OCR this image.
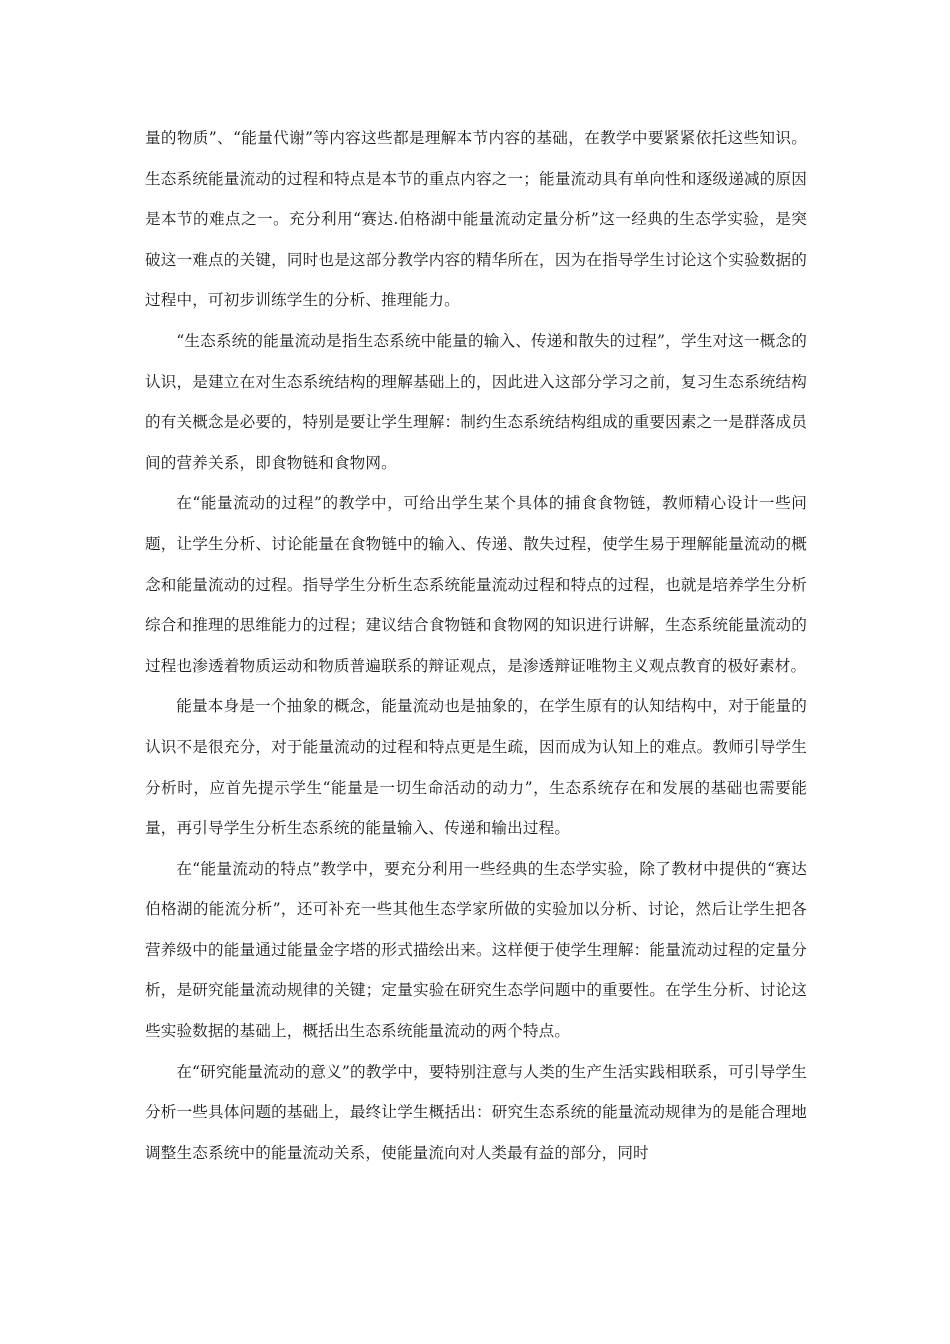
量的物质”、“能量代谢”等内容这些都是理解本节内容的基础，在教学中要紧紧依托这些知识。生态系统能量流动的过程和特点是本节的重点内容之一；能量流动具有单向性和逐级递减的原因是本节的难点之一。充分利用“赛达.伯格湖中能量流动定量分析”这一经典的生态学实验，是突破这一难点的关键，同时也是这部分教学内容的精华所在，因为在指导学生讨论这个实验数据的过程中，可初步训练学生的分析、推理能力。

“生态系统的能量流动是指生态系统中能量的输入、传递和散失的过程”，学生对这一概念的认识，是建立在对生态系统结构的理解基础上的，因此进入这部分学习之前，复习生态系统结构的有关概念是必要的，特别是要让学生理解：制约生态系统结构组成的重要因素之一是群落成员间的营养关系，即食物链和食物网。

在“能量流动的过程”的教学中，可给出学生某个具体的捕食食物链，教师精心设计一些问题，让学生分析、讨论能量在食物链中的输入、传递、散失过程，使学生易于理解能量流动的概念和能量流动的过程。指导学生分析生态系统能量流动过程和特点的过程，也就是培养学生分析综合和推理的思维能力的过程；建议结合食物链和食物网的知识进行讲解，生态系统能量流动的过程也渗透着物质运动和物质普遍联系的辩证观点，是渗透辩证唯物主义观点教育的极好素材。

能量本身是一个抽象的概念，能量流动也是抽象的，在学生原有的认知结构中，对于能量的认识不是很充分，对于能量流动的过程和特点更是生疏，因而成为认知上的难点。教师引导学生分析时，应首先提示学生“能量是一切生命活动的动力”，生态系统存在和发展的基础也需要能量，再引导学生分析生态系统的能量输入、传递和输出过程。

在“能量流动的特点”教学中，要充分利用一些经典的生态学实验，除了教材中提供的“赛达伯格湖的能流分析”，还可补充一些其他生态学家所做的实验加以分析、讨论，然后让学生把各营养级中的能量通过能量金字塔的形式描绘出来。这样便于使学生理解：能量流动过程的定量分析，是研究能量流动规律的关键；定量实验在研究生态学问题中的重要性。在学生分析、讨论这些实验数据的基础上，概括出生态系统能量流动的两个特点。

在“研究能量流动的意义”的教学中，要特别注意与人类的生产生活实践相联系，可引导学生分析一些具体问题的基础上，最终让学生概括出：研究生态系统的能量流动规律为的是能合理地调整生态系统中的能量流动关系，使能量流向对人类最有益的部分，同时
